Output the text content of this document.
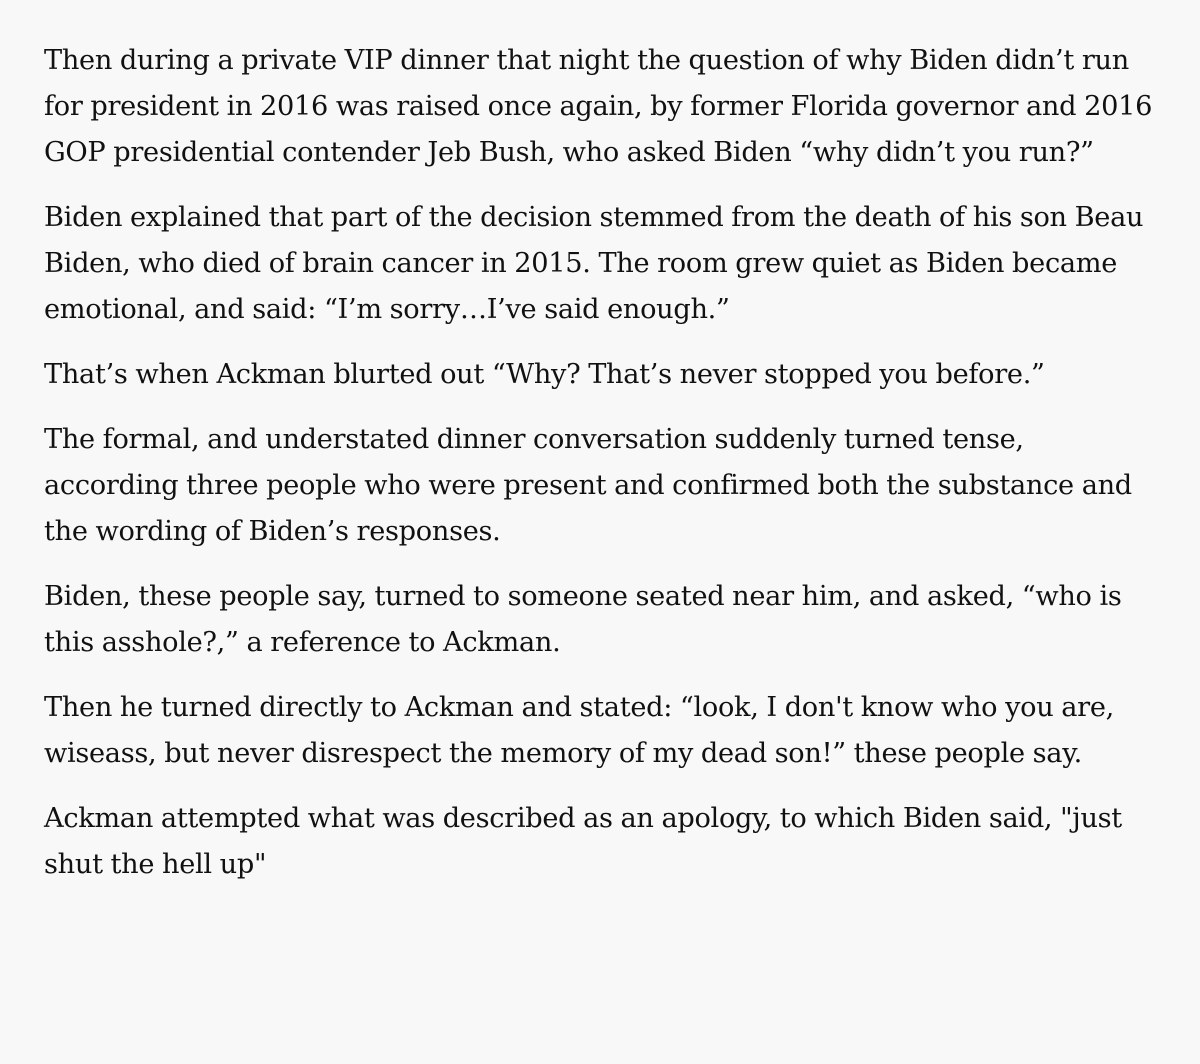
Then during a private VIP dinner that night the question of why Biden didn’t run
for president in 2016 was raised once again, by former Florida governor and 2016
GOP presidential contender Jeb Bush, who asked Biden “why didn’t you run?”

Biden explained that part of the decision stemmed from the death of his son Beau
Biden, who died of brain cancer in 2015. The room grew quiet as Biden became
emotional, and said: “I’m sorry…I’ve said enough.”

That’s when Ackman blurted out “Why? That’s never stopped you before.”

The formal, and understated dinner conversation suddenly turned tense,
according three people who were present and confirmed both the substance and
the wording of Biden’s responses.

Biden, these people say, turned to someone seated near him, and asked, “who is
this asshole?,” a reference to Ackman.

Then he turned directly to Ackman and stated: “look, I don't know who you are,
wiseass, but never disrespect the memory of my dead son!” these people say.

Ackman attempted what was described as an apology, to which Biden said, "just
shut the hell up"
